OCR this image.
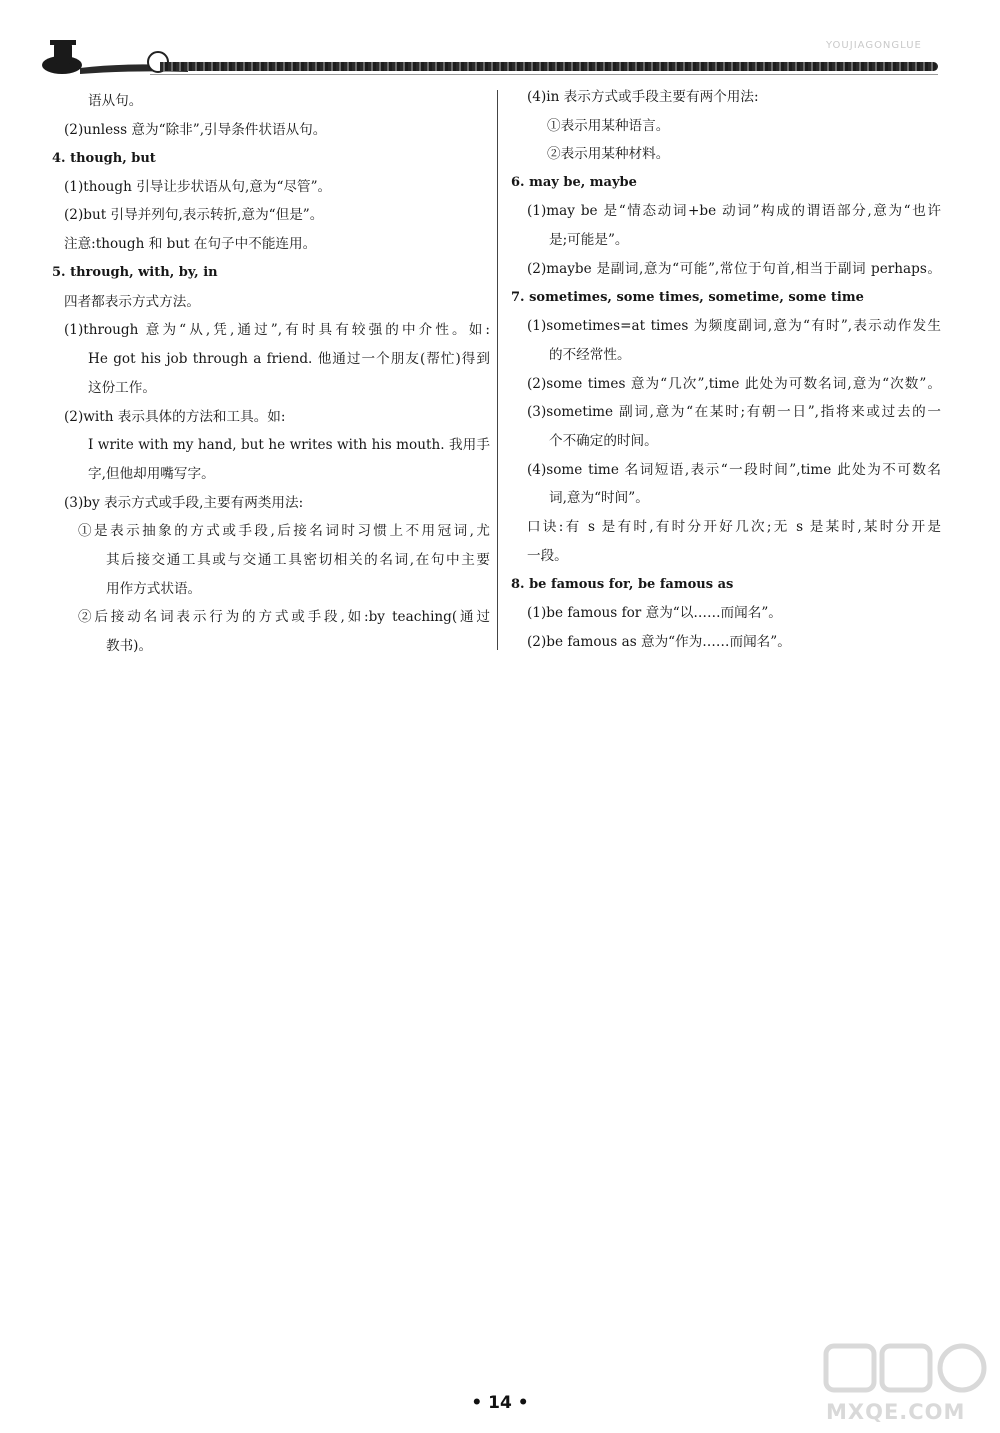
YOUJIAGONGLUE
语从句。
(2)unless 意为“除非”,引导条件状语从句。
4. though, but
(1)though 引导让步状语从句,意为“尽管”。
(2)but 引导并列句,表示转折,意为“但是”。
注意:though 和 but 在句子中不能连用。
5. through, with, by, in
四者都表示方式方法。
(1)through 意为“从,凭,通过”,有时具有较强的中介性。如:
He got his job through a friend. 他通过一个朋友(帮忙)得到
这份工作。
(2)with 表示具体的方法和工具。如:
I write with my hand, but he writes with his mouth. 我用手
字,但他却用嘴写字。
(3)by 表示方式或手段,主要有两类用法:
①是表示抽象的方式或手段,后接名词时习惯上不用冠词,尤
其后接交通工具或与交通工具密切相关的名词,在句中主要
用作方式状语。
②后接动名词表示行为的方式或手段,如:by teaching(通过
教书)。
(4)in 表示方式或手段主要有两个用法:
①表示用某种语言。
②表示用某种材料。
6. may be, maybe
(1)may be 是“情态动词+be 动词”构成的谓语部分,意为“也许
是;可能是”。
(2)maybe 是副词,意为“可能”,常位于句首,相当于副词 perhaps。
7. sometimes, some times, sometime, some time
(1)sometimes=at times 为频度副词,意为“有时”,表示动作发生
的不经常性。
(2)some times 意为“几次”,time 此处为可数名词,意为“次数”。
(3)sometime 副词,意为“在某时;有朝一日”,指将来或过去的一
个不确定的时间。
(4)some time 名词短语,表示“一段时间”,time 此处为不可数名
词,意为“时间”。
口诀:有 s 是有时,有时分开好几次;无 s 是某时,某时分开是
一段。
8. be famous for, be famous as
(1)be famous for 意为“以……而闻名”。
(2)be famous as 意为“作为……而闻名”。
• 14 •	MXQE.COM
